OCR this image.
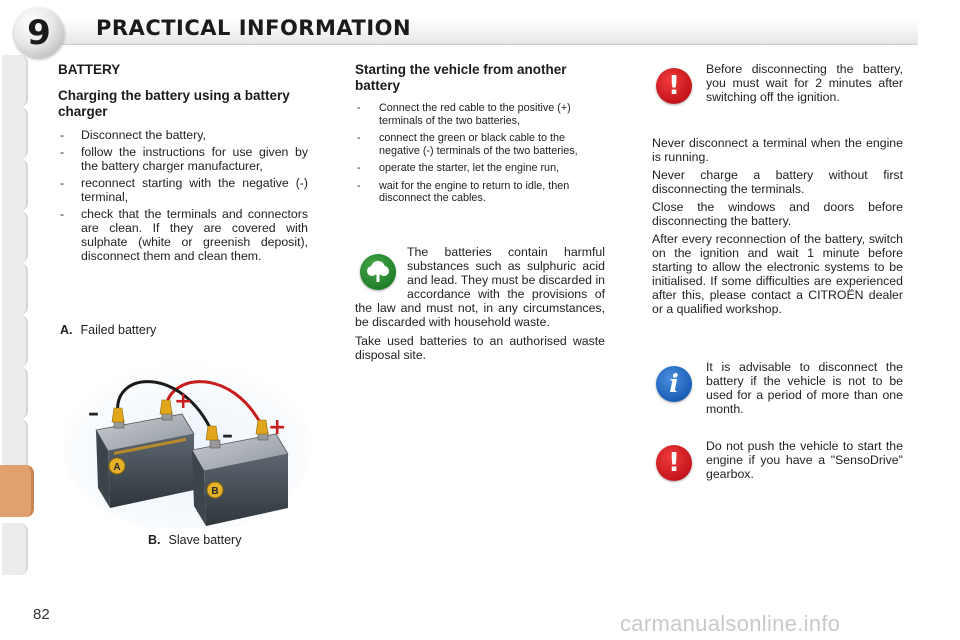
9	PRACTICAL INFORMATION
BATTERY
Charging the battery using a battery charger
- Disconnect the battery,
- follow the instructions for use given by the battery charger manufacturer,
- reconnect starting with the negative (-) terminal,
- check that the terminals and connectors are clean. If they are covered with sulphate (white or greenish deposit), disconnect them and clean them.
A. Failed battery
A
B
–	+
– +
B. Slave battery
Starting the vehicle from another battery
- Connect the red cable to the positive (+) terminals of the two batteries,
- connect the green or black cable to the negative (-) terminals of the two batteries,
- operate the starter, let the engine run,
- wait for the engine to return to idle, then disconnect the cables.
The batteries contain harmful substances such as sulphuric acid and lead. They must be discarded in accordance with the provisions of the law and must not, in any circumstances, be discarded with household waste.
Take used batteries to an authorised waste disposal site.
!
Before disconnecting the battery, you must wait for 2 minutes after switching off the ignition.
Never disconnect a terminal when the engine is running.
Never charge a battery without first disconnecting the terminals.
Close the windows and doors before disconnecting the battery.
After every reconnection of the battery, switch on the ignition and wait 1 minute before starting to allow the electronic systems to be initialised. If some difficulties are experienced after this, please contact a CITROËN dealer or a qualified workshop.
i
It is advisable to disconnect the battery if the vehicle is not to be used for a period of more than one month.
!
Do not push the vehicle to start the engine if you have a "SensoDrive" gearbox.
82	carmanualsonline.info
